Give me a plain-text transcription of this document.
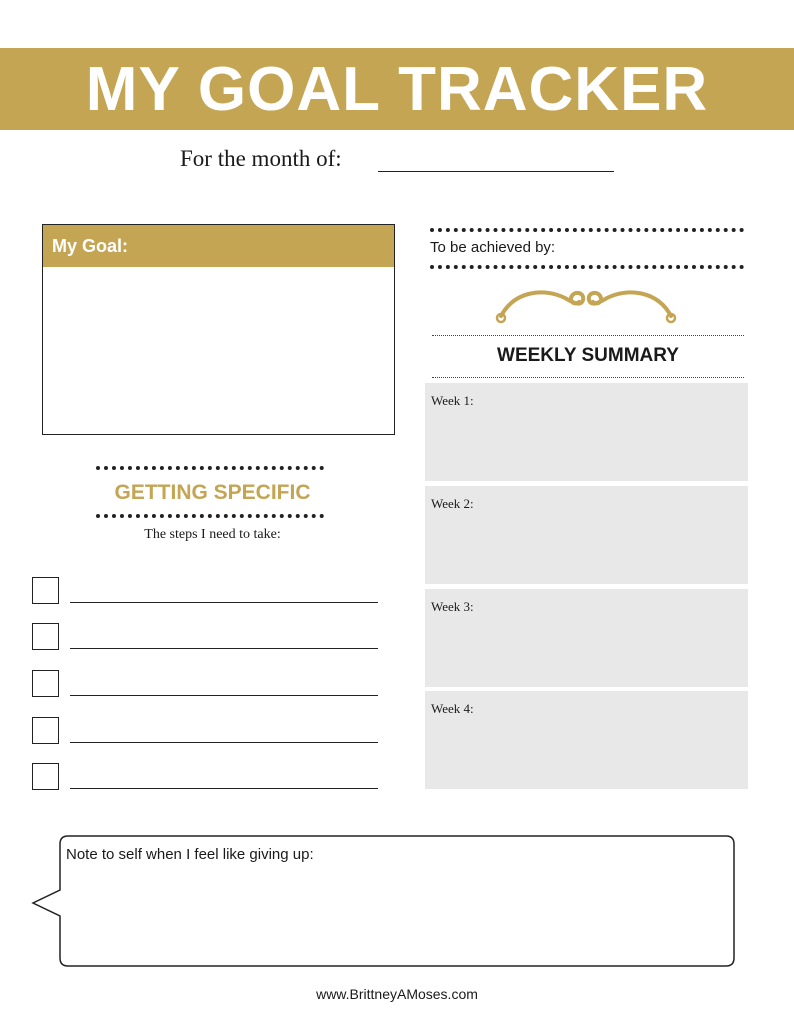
MY GOAL TRACKER
For the month of:
My Goal:	To be achieved by:
WEEKLY SUMMARY
Week 1:
Week 2:
Week 3:
Week 4:
GETTING SPECIFIC
The steps I need to take:
Note to self when I feel like giving up:
www.BrittneyAMoses.com
